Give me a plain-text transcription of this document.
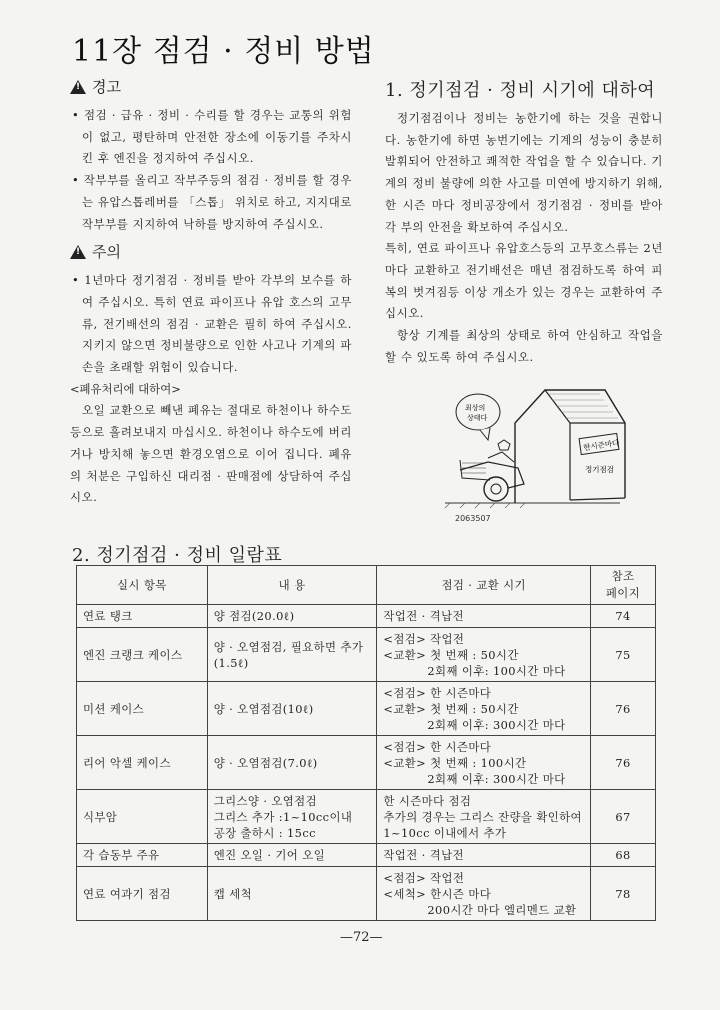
11장 점검 · 정비 방법
!경고

• 점검 · 급유 · 정비 · 수리를 할 경우는 교통의 위험이 없고, 평탄하며 안전한 장소에 이동기를 주차시킨 후 엔진을 정지하여 주십시오.

• 작부부를 올리고 작부주등의 점검 · 정비를 할 경우는 유압스톱레버를 「스톱」 위치로 하고, 지지대로 작부부를 지지하여 낙하를 방지하여 주십시오.

!주의

• 1년마다 정기점검 · 정비를 받아 각부의 보수를 하여 주십시오. 특히 연료 파이프나 유압 호스의 고무류, 전기배선의 점검 · 교환은 필히 하여 주십시오. 지키지 않으면 정비불량으로 인한 사고나 기계의 파손을 초래할 위험이 있습니다.

<폐유처리에 대하여>

오일 교환으로 빼낸 폐유는 절대로 하천이나 하수도등으로 흘려보내지 마십시오. 하천이나 하수도에 버리거나 방치해 놓으면 환경오염으로 이어 집니다. 폐유의 처분은 구입하신 대리점 · 판매점에 상담하여 주십시오.

1. 정기점검 · 정비 시기에 대하여

정기점검이나 정비는 농한기에 하는 것을 권합니다. 농한기에 하면 농번기에는 기계의 성능이 충분히 발휘되어 안전하고 쾌적한 작업을 할 수 있습니다. 기계의 정비 불량에 의한 사고를 미연에 방지하기 위해, 한 시즌 마다 정비공장에서 정기점검 · 정비를 받아 각 부의 안전을 확보하여 주십시오.

특히, 연료 파이프나 유압호스등의 고무호스류는 2년마다 교환하고 전기배선은 매년 점검하도록 하여 피복의 벗겨짐등 이상 개소가 있는 경우는 교환하여 주십시오.

항상 기계를 최상의 상태로 하여 안심하고 작업을 할 수 있도록 하여 주십시오.

한시즌마다
정기점검
최상의
상태다
2063507
2. 정기점검 · 정비 일람표
실시 항목	내 용	점검 · 교환 시기	참조 페이지
연료 탱크	양 점검(20.0ℓ)	작업전 · 격납전	74
엔진 크랭크 케이스	양 · 오염점검, 필요하면 추가 (1.5ℓ)	<점검> 작업전
<교환> 첫 번째 : 50시간
2회째 이후: 100시간 마다	75
미션 케이스	양 · 오염점검(10ℓ)	<점검> 한 시즌마다
<교환> 첫 번째 : 50시간
2회째 이후: 300시간 마다	76
리어 악셀 케이스	양 · 오염점검(7.0ℓ)	<점검> 한 시즌마다
<교환> 첫 번째 : 100시간
2회째 이후: 300시간 마다	76
식부암	그리스양 · 오염점검
그리스 추가 :1~10cc이내
공장 출하시 : 15cc	한 시즌마다 점검
추가의 경우는 그리스 잔량을 확인하여 1~10cc 이내에서 추가	67
각 습동부 주유	엔진 오일 · 기어 오일	작업전 · 격납전	68
연료 여과기 점검	캡 세척	<점검> 작업전
<세척> 한시즌 마다
200시간 마다 엘리멘드 교환	78
—72—
